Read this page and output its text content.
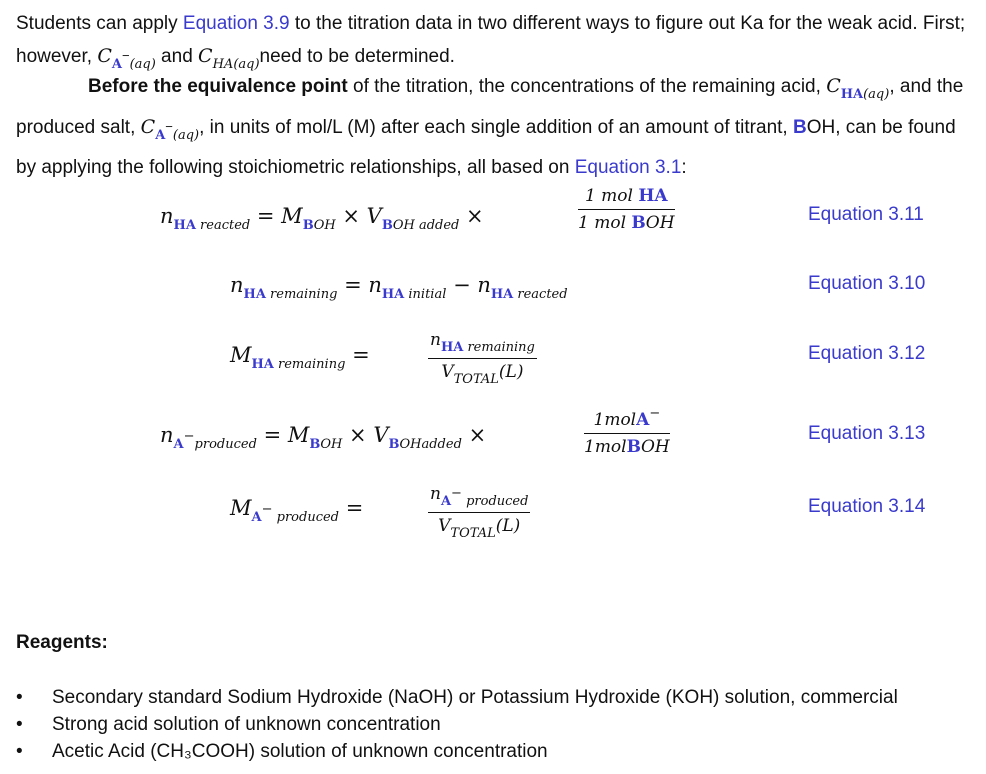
Students can apply Equation 3.9 to the titration data in two different ways to figure out Ka for the weak acid. First; however, $C_{A-(aq)}$ and $C_{HA(aq)}need$ to be determined.
Before the equivalence point of the titration, the concentrations of the remaining acid, $C_{HA(aq)}$, and the produced salt, $C_{A-(aq)}$, in units of mol/L (M) after each single addition of an amount of titrant, BOH, can be found by applying the following stoichiometric relationships, all based on Equation 3.1:
$n_{HA reacted} = M_{BOH} \times V_{BOH added}$ ×
1 mol HA
1 mol BOH	Equation 3.11
$n_{HA remaining} = n_{HA initial} - n_{HA reacted}$
Equation 3.10
$M_{HA remaining}$ =
$n_{HA remaining}$
$V_{TOTAL}(L)$
Equation 3.12
$n_{A-produced} = M_{BOH} \times V_{BOHadded}$ ×
1molA−
1molBOH
Equation 3.13
$M_{A- produced}$ =
$n_{A- produced}$
$V_{TOTAL}(L)$
Equation 3.14
Reagents:
• Secondary standard Sodium Hydroxide (NaOH) or Potassium Hydroxide (KOH) solution, commercial
• Strong acid solution of unknown concentration
• Acetic Acid (CH₃COOH) solution of unknown concentration
